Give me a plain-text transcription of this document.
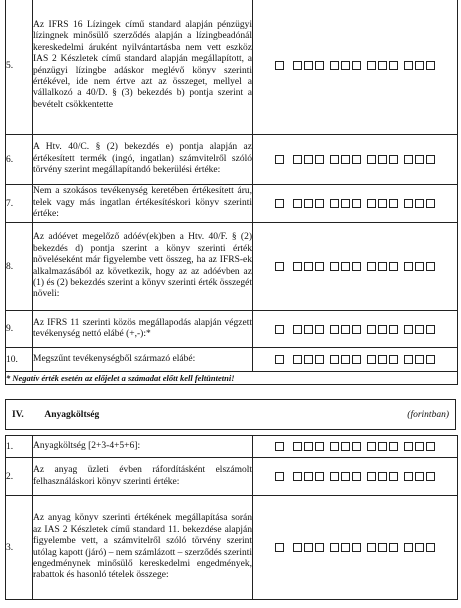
5.	Az IFRS 16 Lízingek című standard alapján pénzügyi lízingnek minősülő szerződés alapján a lízingbeadónál kereskedelmi áruként nyilvántartásba nem vett eszköz IAS 2 Készletek című standard alapján megállapított, a pénzügyi lízingbe adáskor meglévő könyv szerinti értékével, ide nem értve azt az összeget, mellyel a vállalkozó a 40/D. § (3) bekezdés b) pontja szerint a bevételt csökkentette	
6.	A Htv. 40/C. § (2) bekezdés e) pontja alapján az értékesített termék (ingó, ingatlan) számvitelről szóló törvény szerint megállapítandó bekerülési értéke:	
7.	Nem a szokásos tevékenység keretében értékesített áru, telek vagy más ingatlan értékesítéskori könyv szerinti értéke:	
8.	Az adóévet megelőző adóév(ek)ben a Htv. 40/F. § (2) bekezdés d) pontja szerint a könyv szerinti érték növeléseként már figyelembe vett összeg, ha az IFRS-ek alkalmazásából az következik, hogy az az adóévben az (1) és (2) bekezdés szerint a könyv szerinti érték összegét növeli:	
9.	Az IFRS 11 szerinti közös megállapodás alapján végzett tevékenység nettó elábé (+,-):*	
10.	Megszűnt tevékenységből származó elábé:	
* Negatív érték esetén az előjelet a számadat előtt kell feltüntetni!		
IV. Anyagköltség	(forintban)
1.	Anyagköltség [2+3-4+5+6]:	
2.	Az anyag üzleti évben ráfordításként elszámolt felhasználáskori könyv szerinti értéke:	
3.	Az anyag könyv szerinti értékének megállapítása során az IAS 2 Készletek című standard 11. bekezdése alapján figyelembe vett, a számvitelről szóló törvény szerint utólag kapott (járó) – nem számlázott – szerződés szerinti engedménynek minősülő kereskedelmi engedmények, rabattok és hasonló tételek összege:	
